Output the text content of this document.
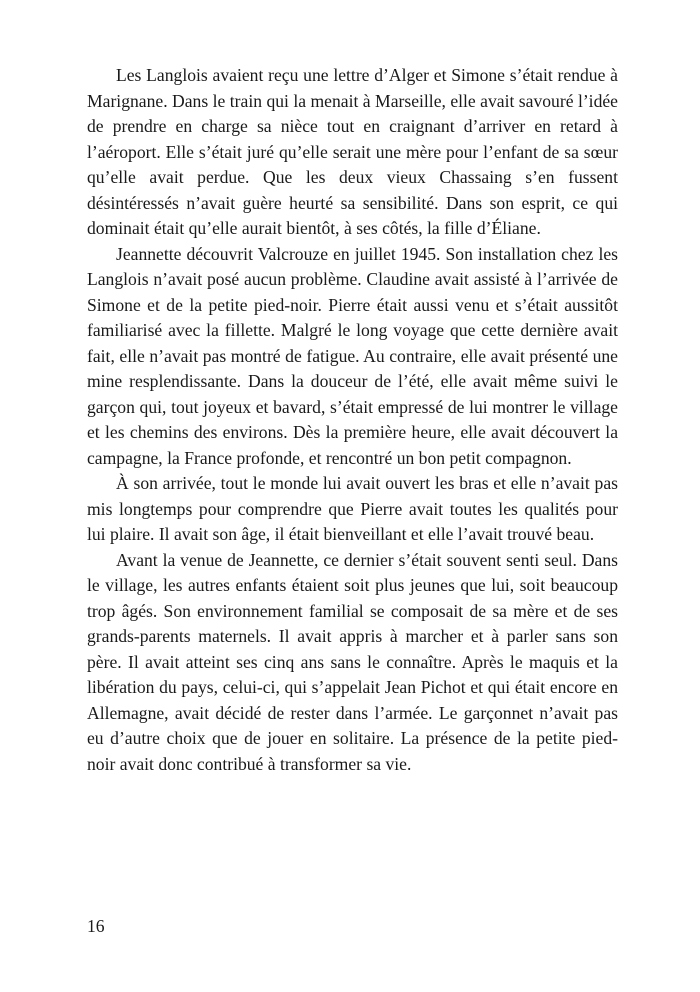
Les Langlois avaient reçu une lettre d’Alger et Simone s’était rendue à Marignane. Dans le train qui la menait à Marseille, elle avait savouré l’idée de prendre en charge sa nièce tout en craignant d’arriver en retard à l’aéroport. Elle s’était juré qu’elle serait une mère pour l’enfant de sa sœur qu’elle avait perdue. Que les deux vieux Chassaing s’en fussent désintéressés n’avait guère heurté sa sensibilité. Dans son esprit, ce qui dominait était qu’elle aurait bientôt, à ses côtés, la fille d’Éliane.

Jeannette découvrit Valcrouze en juillet 1945. Son installation chez les Langlois n’avait posé aucun problème. Claudine avait assisté à l’arrivée de Simone et de la petite pied-noir. Pierre était aussi venu et s’était aussitôt familiarisé avec la fillette. Malgré le long voyage que cette dernière avait fait, elle n’avait pas montré de fatigue. Au contraire, elle avait présenté une mine resplendissante. Dans la douceur de l’été, elle avait même suivi le garçon qui, tout joyeux et bavard, s’était empressé de lui montrer le village et les chemins des environs. Dès la première heure, elle avait découvert la campagne, la France profonde, et rencontré un bon petit compagnon.

À son arrivée, tout le monde lui avait ouvert les bras et elle n’avait pas mis longtemps pour comprendre que Pierre avait toutes les qualités pour lui plaire. Il avait son âge, il était bienveillant et elle l’avait trouvé beau.

Avant la venue de Jeannette, ce dernier s’était souvent senti seul. Dans le village, les autres enfants étaient soit plus jeunes que lui, soit beaucoup trop âgés. Son environnement familial se composait de sa mère et de ses grands-parents maternels. Il avait appris à marcher et à parler sans son père. Il avait atteint ses cinq ans sans le connaître. Après le maquis et la libération du pays, celui-ci, qui s’appelait Jean Pichot et qui était encore en Allemagne, avait décidé de rester dans l’armée. Le garçonnet n’avait pas eu d’autre choix que de jouer en solitaire. La présence de la petite pied-noir avait donc contribué à transformer sa vie.

16
